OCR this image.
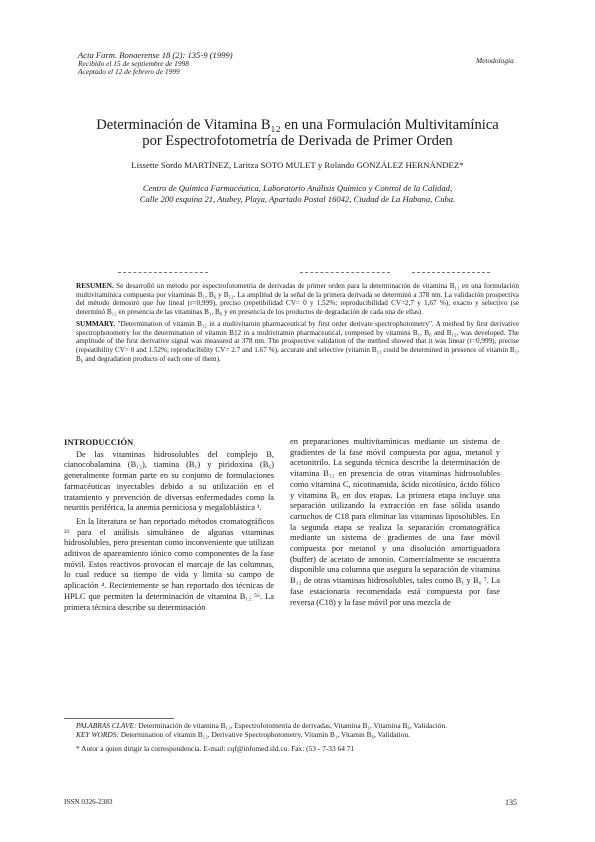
Acta Farm. Bonaerense 18 (2): 135-9 (1999)
Recibido el 15 de septiembre de 1998
Aceptado el 12 de febrero de 1999
Metodología
Determinación de Vitamina B₁₂ en una Formulación Multivitamínica
por Espectrofotometría de Derivada de Primer Orden
Lissette Sordo MARTÍNEZ, Laritza SOTO MULET y Rolando GONZÁLEZ HERNÁNDEZ*
Centro de Química Farmacéutica, Laboratorio Análisis Químico y Control de la Calidad,
Calle 200 esquina 21, Atabey, Playa, Apartado Postal 16042, Ciudad de La Habana, Cuba.
RESUMEN. Se desarrolló un método por espectrofotometría de derivadas de primer orden para la determinación de vitamina B₁₂ en una formulación multivitamínica compuesta por vitaminas B₁, B₆ y B₁₂. La amplitud de la señal de la primera derivada se determinó a 378 nm. La validación prospectiva del método demostró que fue lineal (r=0,999), preciso (repetibilidad CV= 0 y 1,52%; reproducibilidad CV=2,7 y 1,67 %), exacto y selectivo (se determinó B₁₂ en presencia de las vitaminas B₁, B₆ y en presencia de los productos de degradación de cada una de ellas).
SUMMARY. "Determination of vitamin B₁₂ in a multivitamin pharmaceutical by first order derivate spectrophotometry". A method by first derivative spectrophotometry for the determination of vitamin B12 in a multivitamin pharmaceutical, composed by vitamins B₁, B₆ and B₁₂, was developed. The amplitude of the first derivative signal was measured at 378 nm. The prospective validation of the method showed that it was linear (r=0,999), precise (repeatibility CV= 0 and 1.52%; reproducibility CV= 2.7 and 1.67 %), accurate and selective (vitamin B₁₂ could be determined in presence of vitamin B₁, B₆ and degradation products of each one of them).
INTRODUCCIÓN

De las vitaminas hidrosolubles del complejo B, cianocobalamina (B₁₂), tiamina (B₁) y piridoxina (B₆) generalmente forman parte en su conjunto de formulaciones farmacéuticas inyectables debido a su utilización en el tratamiento y prevención de diversas enfermedades como la neuritis periférica, la anemia perniciosa y megaloblástica ¹.

En la literatura se han reportado métodos cromatográficos ²³ para el análisis simultáneo de algunas vitaminas hidrosolubles, pero presentan como inconveniente que utilizan aditivos de apareamiento iónico como componentes de la fase móvil. Estos reactivos provocan el marcaje de las columnas, lo cual reduce su tiempo de vida y limita su campo de aplicación ⁴. Recientemente se han reportado dos técnicas de HPLC que permiten la determinación de vitamina B₁₂ ⁵⁶. La primera técnica describe su determinación

en preparaciones multivitamínicas mediante un sistema de gradientes de la fase móvil compuesta por agua, metanol y acetonitrilo. La segunda técnica describe la determinación de vitamina B₁₂ en presencia de otras vitaminas hidrosolubles como vitamina C, nicotinamida, ácido nicotínico, ácido fólico y vitamina B₆ en dos etapas. La primera etapa incluye una separación utilizando la extracción en fase sólida usando cartuchos de C18 para eliminar las vitaminas liposolubles. En la segunda etapa se realiza la separación cromatográfica mediante un sistema de gradientes de una fase móvil compuesta por metanol y una disolución amortiguadora (buffer) de acetato de amonio. Comercialmente se encuentra disponible una columna que asegura la separación de vitamina B₁₂ de otras vitaminas hidrosolubles, tales como B₁ y B₆ ⁷. La fase estacionaria recomendada está compuesta por fase reversa (C18) y la fase móvil por una mezcla de

PALABRAS CLAVE: Determinación de vitamina B₁₂, Espectrofotometría de derivadas, Vitamina B₁, Vitamina B₆, Validación.
KEY WORDS: Determination of vitamin B₁₂, Derivative Spectrophotometry, Vitamin B₁, Vitamin B₆, Validation.
* Autor a quien dirigir la correspondencia. E-mail: cqf@infomed.sld.cu. Fax: (53 - 7-33 64 71
ISSN 0326-2383	135
